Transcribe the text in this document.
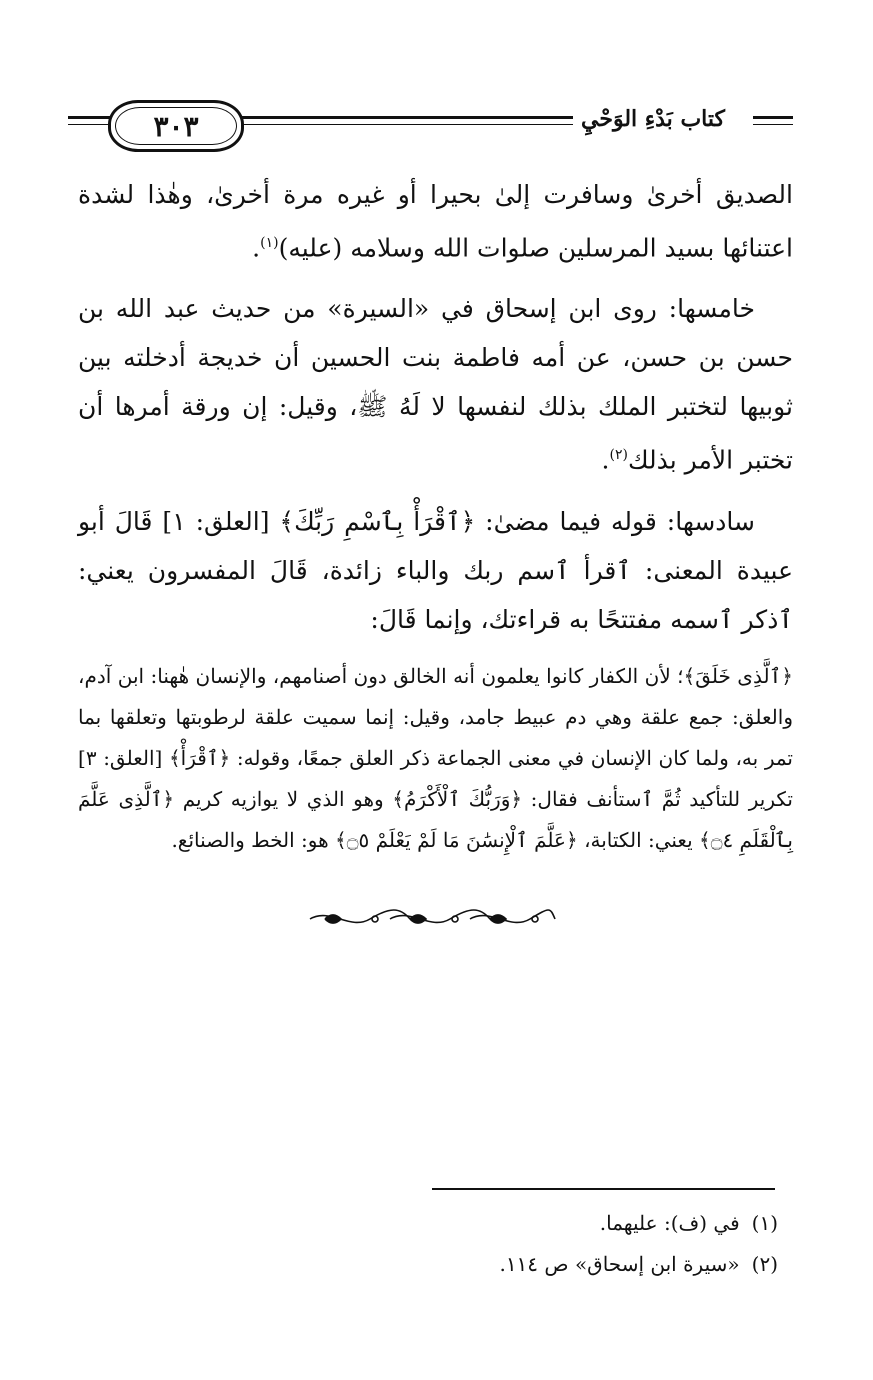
٣٠٣	كتاب بَدْءِ الوَحْيِ

الصديق أخرىٰ وسافرت إلىٰ بحيرا أو غيره مرة أخرىٰ، وهٰذا لشدة اعتنائها بسيد المرسلين صلوات الله وسلامه (عليه)$^{(١)}$.

خامسها: روى ابن إسحاق في «السيرة» من حديث عبد الله بن حسن بن حسن، عن أمه فاطمة بنت الحسين أن خديجة أدخلته بين ثوبيها لتختبر الملك بذلك لنفسها لا لَهُ ﷺ، وقيل: إن ورقة أمرها أن تختبر الأمر بذلك$^{(٢)}$.

سادسها: قوله فيما مضىٰ: ﴿ٱقْرَأْ بِٱسْمِ رَبِّكَ﴾ [العلق: ١] قَالَ أبو عبيدة المعنى: ٱقرأ ٱسم ربك والباء زائدة، قَالَ المفسرون يعني: ٱذكر ٱسمه مفتتحًا به قراءتك، وإنما قَالَ:

﴿ٱلَّذِى خَلَقَ﴾؛ لأن الكفار كانوا يعلمون أنه الخالق دون أصنامهم، والإنسان هٰهنا: ابن آدم، والعلق: جمع علقة وهي دم عبيط جامد، وقيل: إنما سميت علقة لرطوبتها وتعلقها بما تمر به، ولما كان الإنسان في معنى الجماعة ذكر العلق جمعًا، وقوله: ﴿ٱقْرَأْ﴾ [العلق: ٣] تكرير للتأكيد ثُمَّ ٱستأنف فقال: ﴿وَرَبُّكَ ٱلْأَكْرَمُ﴾ وهو الذي لا يوازيه كريم ﴿ٱلَّذِى عَلَّمَ بِٱلْقَلَمِ ۝٤﴾ يعني: الكتابة، ﴿عَلَّمَ ٱلْإِنسَٰنَ مَا لَمْ يَعْلَمْ ۝٥﴾ هو: الخط والصنائع.

(١)في (ف): عليهما.
(٢)«سيرة ابن إسحاق» ص ١١٤.
